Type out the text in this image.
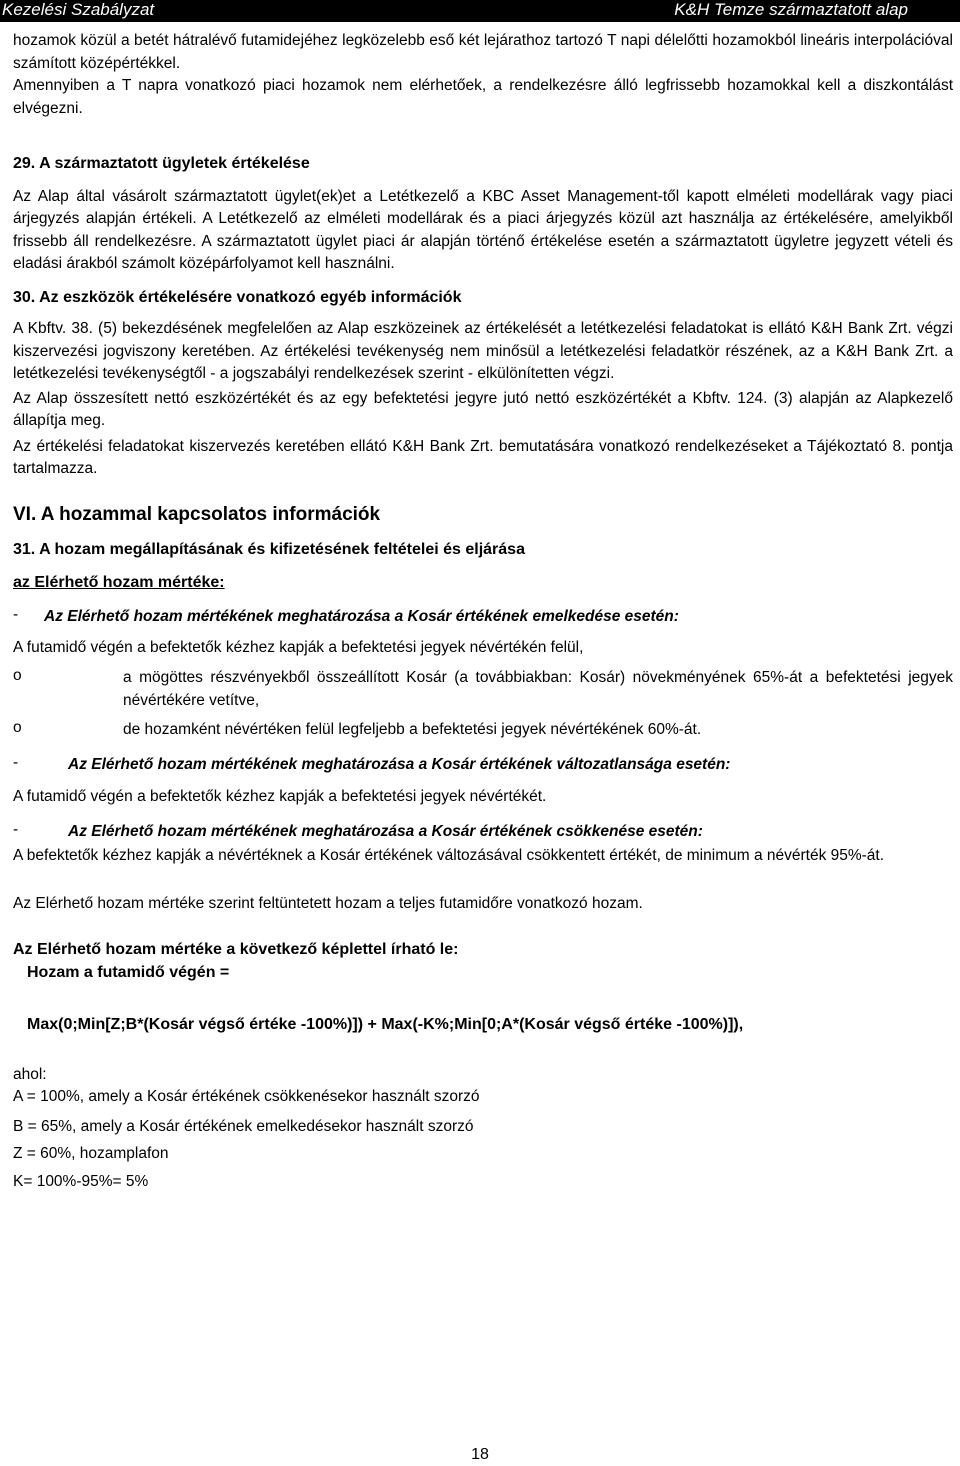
Kezelési Szabályzat	K&H Temze származtatott alap

hozamok közül a betét hátralévő futamidejéhez legközelebb eső két lejárathoz tartozó T napi délelőtti hozamokból lineáris interpolációval számított középértékkel.

Amennyiben a T napra vonatkozó piaci hozamok nem elérhetőek, a rendelkezésre álló legfrissebb hozamokkal kell a diszkontálást elvégezni.

29. A származtatott ügyletek értékelése

Az Alap által vásárolt származtatott ügylet(ek)et a Letétkezelő a KBC Asset Management-től kapott elméleti modellárak vagy piaci árjegyzés alapján értékeli. A Letétkezelő az elméleti modellárak és a piaci árjegyzés közül azt használja az értékelésére, amelyikből frissebb áll rendelkezésre. A származtatott ügylet piaci ár alapján történő értékelése esetén a származtatott ügyletre jegyzett vételi és eladási árakból számolt középárfolyamot kell használni.

30. Az eszközök értékelésére vonatkozó egyéb információk

A Kbftv. 38. (5) bekezdésének megfelelően az Alap eszközeinek az értékelését a letétkezelési feladatokat is ellátó K&H Bank Zrt. végzi kiszervezési jogviszony keretében. Az értékelési tevékenység nem minősül a letétkezelési feladatkör részének, az a K&H Bank Zrt. a letétkezelési tevékenységtől - a jogszabályi rendelkezések szerint - elkülönítetten végzi.

Az Alap összesített nettó eszközértékét és az egy befektetési jegyre jutó nettó eszközértékét a Kbftv. 124. (3) alapján az Alapkezelő állapítja meg.

Az értékelési feladatokat kiszervezés keretében ellátó K&H Bank Zrt. bemutatására vonatkozó rendelkezéseket a Tájékoztató 8. pontja tartalmazza.

VI. A hozammal kapcsolatos információk

31. A hozam megállapításának és kifizetésének feltételei és eljárása

az Elérhető hozam mértéke:

-	Az Elérhető hozam mértékének meghatározása a Kosár értékének emelkedése esetén:

A futamidő végén a befektetők kézhez kapják a befektetési jegyek névértékén felül,

o	a mögöttes részvényekből összeállított Kosár (a továbbiakban: Kosár) növekményének 65%-át a befektetési jegyek névértékére vetítve,

o	de hozamként névértéken felül legfeljebb a befektetési jegyek névértékének 60%-át.

-	Az Elérhető hozam mértékének meghatározása a Kosár értékének változatlansága esetén:

A futamidő végén a befektetők kézhez kapják a befektetési jegyek névértékét.

-	Az Elérhető hozam mértékének meghatározása a Kosár értékének csökkenése esetén:

A befektetők kézhez kapják a névértéknek a Kosár értékének változásával csökkentett értékét, de minimum a névérték 95%-át.

Az Elérhető hozam mértéke szerint feltüntetett hozam a teljes futamidőre vonatkozó hozam.

Az Elérhető hozam mértéke a következő képlettel írható le:

Hozam a futamidő végén =

Max(0;Min[Z;B*(Kosár végső értéke -100%)]) + Max(-K%;Min[0;A*(Kosár végső értéke -100%)]),

ahol:

A = 100%, amely a Kosár értékének csökkenésekor használt szorzó

B = 65%, amely a Kosár értékének emelkedésekor használt szorzó

Z = 60%, hozamplafon

K= 100%-95%= 5%

18
